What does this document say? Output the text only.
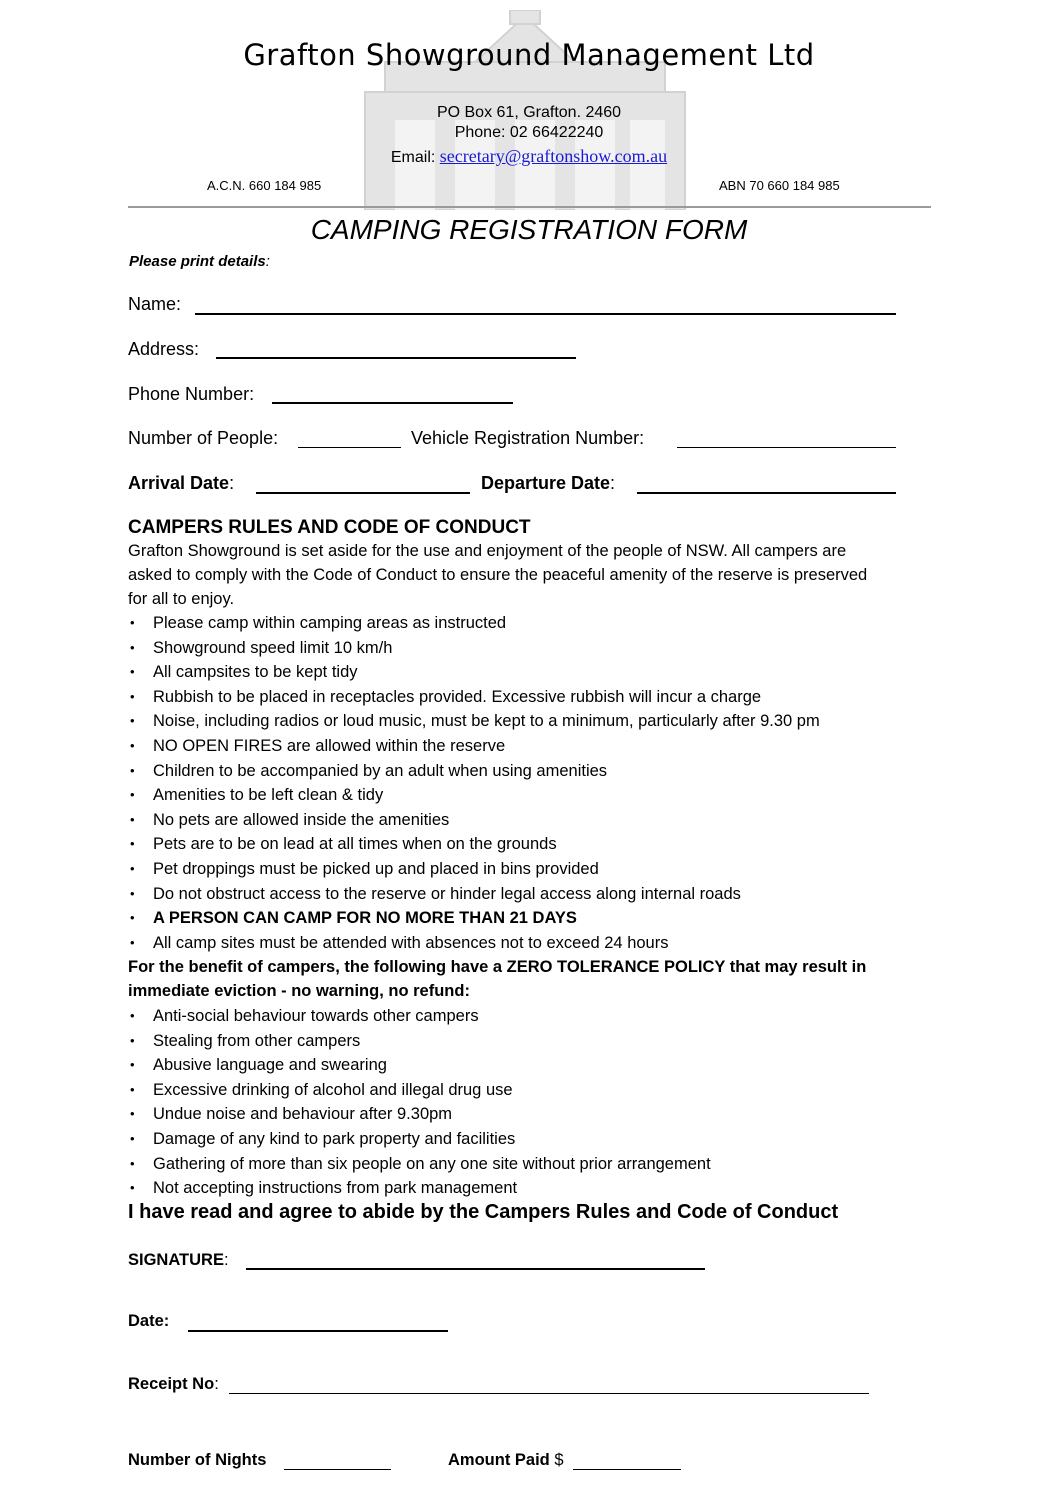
Grafton Showground Management Ltd
PO Box 61, Grafton. 2460
Phone: 02 66422240
Email: secretary@graftonshow.com.au
A.C.N. 660 184 985	ABN 70 660 184 985
CAMPING REGISTRATION FORM
Please print details:
Name:
Address:
Phone Number:
Number of People:	Vehicle Registration Number:
Arrival Date:	Departure Date:
CAMPERS RULES AND CODE OF CONDUCT
Grafton Showground is set aside for the use and enjoyment of the people of NSW. All campers are
asked to comply with the Code of Conduct to ensure the peaceful amenity of the reserve is preserved
for all to enjoy.
• Please camp within camping areas as instructed
• Showground speed limit 10 km/h
• All campsites to be kept tidy
• Rubbish to be placed in receptacles provided. Excessive rubbish will incur a charge
• Noise, including radios or loud music, must be kept to a minimum, particularly after 9.30 pm
• NO OPEN FIRES are allowed within the reserve
• Children to be accompanied by an adult when using amenities
• Amenities to be left clean & tidy
• No pets are allowed inside the amenities
• Pets are to be on lead at all times when on the grounds
• Pet droppings must be picked up and placed in bins provided
• Do not obstruct access to the reserve or hinder legal access along internal roads
• A PERSON CAN CAMP FOR NO MORE THAN 21 DAYS
• All camp sites must be attended with absences not to exceed 24 hours
For the benefit of campers, the following have a ZERO TOLERANCE POLICY that may result in
immediate eviction - no warning, no refund:
• Anti-social behaviour towards other campers
• Stealing from other campers
• Abusive language and swearing
• Excessive drinking of alcohol and illegal drug use
• Undue noise and behaviour after 9.30pm
• Damage of any kind to park property and facilities
• Gathering of more than six people on any one site without prior arrangement
• Not accepting instructions from park management
I have read and agree to abide by the Campers Rules and Code of Conduct
SIGNATURE:
Date:
Receipt No:
Number of Nights	Amount Paid $
